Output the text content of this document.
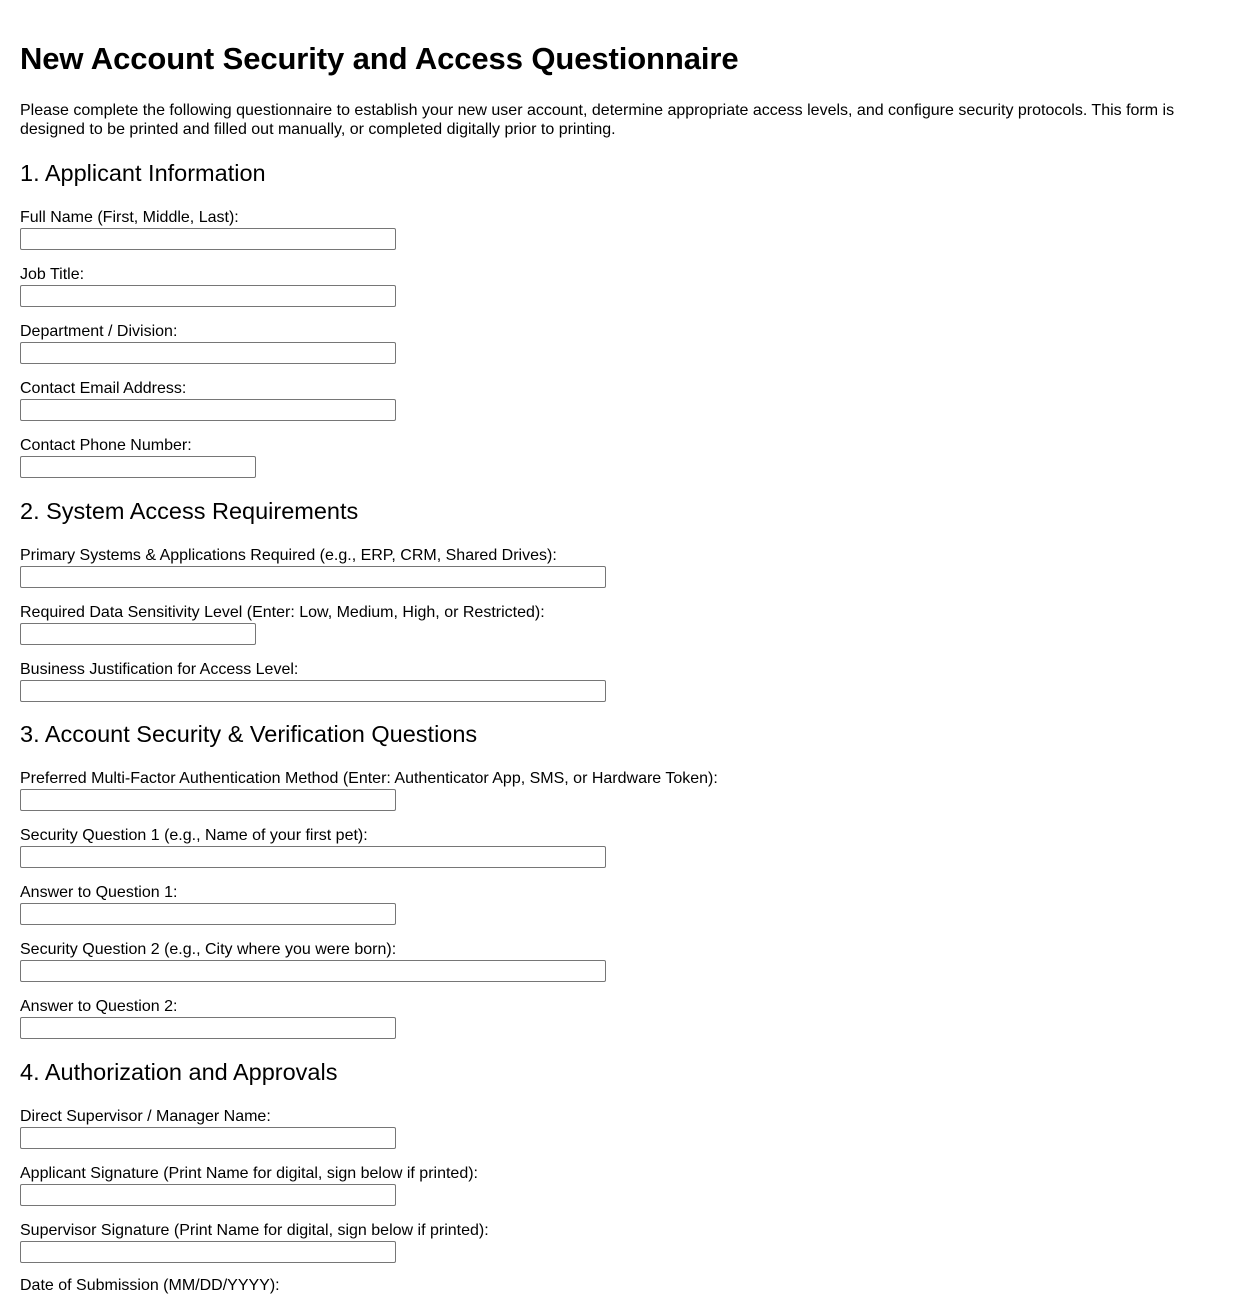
New Account Security and Access Questionnaire

Please complete the following questionnaire to establish your new user account, determine appropriate access levels, and configure security protocols. This form is designed to be printed and filled out manually, or completed digitally prior to printing.

1. Applicant Information
Full Name (First, Middle, Last):
Job Title:
Department / Division:
Contact Email Address:
Contact Phone Number:
2. System Access Requirements
Primary Systems & Applications Required (e.g., ERP, CRM, Shared Drives):
Required Data Sensitivity Level (Enter: Low, Medium, High, or Restricted):
Business Justification for Access Level:
3. Account Security & Verification Questions
Preferred Multi-Factor Authentication Method (Enter: Authenticator App, SMS, or Hardware Token):
Security Question 1 (e.g., Name of your first pet):
Answer to Question 1:
Security Question 2 (e.g., City where you were born):
Answer to Question 2:
4. Authorization and Approvals
Direct Supervisor / Manager Name:
Applicant Signature (Print Name for digital, sign below if printed):
Supervisor Signature (Print Name for digital, sign below if printed):
Date of Submission (MM/DD/YYYY):
